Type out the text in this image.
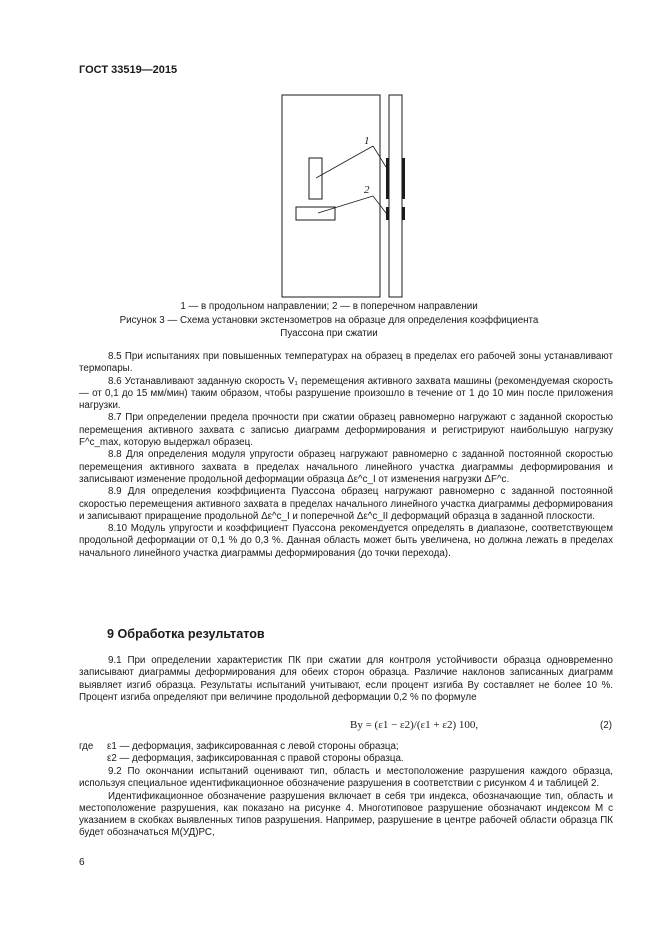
ГОСТ 33519—2015
1
2
1 — в продольном направлении; 2 — в поперечном направлении
Рисунок 3 — Схема установки экстензометров на образце для определения коэффициента
Пуассона при сжатии

8.5 При испытаниях при повышенных температурах на образец в пределах его рабочей зоны устанавливают термопары.

8.6 Устанавливают заданную скорость V₁ перемещения активного захвата машины (рекомендуемая скорость — от 0,1 до 15 мм/мин) таким образом, чтобы разрушение произошло в течение от 1 до 10 мин после приложения нагрузки.

8.7 При определении предела прочности при сжатии образец равномерно нагружают с заданной скоростью перемещения активного захвата с записью диаграмм деформирования и регистрируют наибольшую нагрузку F^c_max, которую выдержал образец.

8.8 Для определения модуля упругости образец нагружают равномерно с заданной постоянной скоростью перемещения активного захвата в пределах начального линейного участка диаграммы деформирования и записывают изменение продольной деформации образца Δε^c_I от изменения нагрузки ΔF^c.

8.9 Для определения коэффициента Пуассона образец нагружают равномерно с заданной постоянной скоростью перемещения активного захвата в пределах начального линейного участка диаграммы деформирования и записывают приращение продольной Δε^c_I и поперечной Δε^c_II деформаций образца в заданной плоскости.

8.10 Модуль упругости и коэффициент Пуассона рекомендуется определять в диапазоне, соответствующем продольной деформации от 0,1 % до 0,3 %. Данная область может быть увеличена, но должна лежать в пределах начального линейного участка диаграммы деформирования (до точки перехода).

9 Обработка результатов

9.1 При определении характеристик ПК при сжатии для контроля устойчивости образца одновременно записывают диаграммы деформирования для обеих сторон образца. Различие наклонов записанных диаграмм выявляет изгиб образца. Результаты испытаний учитывают, если процент изгиба By составляет не более 10 %. Процент изгиба определяют при величине продольной деформации 0,2 % по формуле

By = (ε1 − ε2)/(ε1 + ε2) 100,	(2)
где ε1 — деформация, зафиксированная с левой стороны образца;
ε2 — деформация, зафиксированная с правой стороны образца.

9.2 По окончании испытаний оценивают тип, область и местоположение разрушения каждого образца, используя специальное идентификационное обозначение разрушения в соответствии с рисунком 4 и таблицей 2.

Идентификационное обозначение разрушения включает в себя три индекса, обозначающие тип, область и местоположение разрушения, как показано на рисунке 4. Многотиповое разрушение обозначают индексом М с указанием в скобках выявленных типов разрушения. Например, разрушение в центре рабочей области образца ПК будет обозначаться М(УД)РС,

6
